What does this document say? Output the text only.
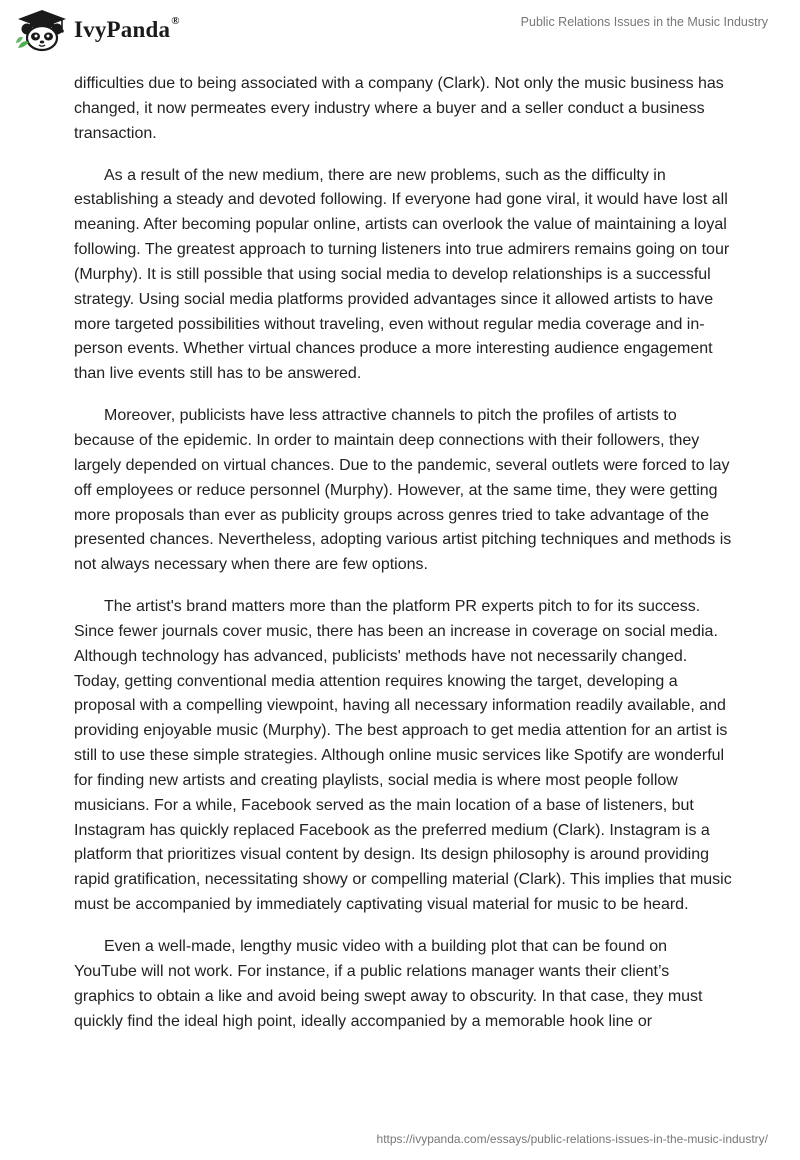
IvyPanda®	Public Relations Issues in the Music Industry

difficulties due to being associated with a company (Clark). Not only the music business has changed, it now permeates every industry where a buyer and a seller conduct a business transaction.

As a result of the new medium, there are new problems, such as the difficulty in establishing a steady and devoted following. If everyone had gone viral, it would have lost all meaning. After becoming popular online, artists can overlook the value of maintaining a loyal following. The greatest approach to turning listeners into true admirers remains going on tour (Murphy). It is still possible that using social media to develop relationships is a successful strategy. Using social media platforms provided advantages since it allowed artists to have more targeted possibilities without traveling, even without regular media coverage and in-person events. Whether virtual chances produce a more interesting audience engagement than live events still has to be answered.

Moreover, publicists have less attractive channels to pitch the profiles of artists to because of the epidemic. In order to maintain deep connections with their followers, they largely depended on virtual chances. Due to the pandemic, several outlets were forced to lay off employees or reduce personnel (Murphy). However, at the same time, they were getting more proposals than ever as publicity groups across genres tried to take advantage of the presented chances. Nevertheless, adopting various artist pitching techniques and methods is not always necessary when there are few options.

The artist's brand matters more than the platform PR experts pitch to for its success. Since fewer journals cover music, there has been an increase in coverage on social media. Although technology has advanced, publicists' methods have not necessarily changed. Today, getting conventional media attention requires knowing the target, developing a proposal with a compelling viewpoint, having all necessary information readily available, and providing enjoyable music (Murphy). The best approach to get media attention for an artist is still to use these simple strategies. Although online music services like Spotify are wonderful for finding new artists and creating playlists, social media is where most people follow musicians. For a while, Facebook served as the main location of a base of listeners, but Instagram has quickly replaced Facebook as the preferred medium (Clark). Instagram is a platform that prioritizes visual content by design. Its design philosophy is around providing rapid gratification, necessitating showy or compelling material (Clark). This implies that music must be accompanied by immediately captivating visual material for music to be heard.

Even a well-made, lengthy music video with a building plot that can be found on YouTube will not work. For instance, if a public relations manager wants their client’s graphics to obtain a like and avoid being swept away to obscurity. In that case, they must quickly find the ideal high point, ideally accompanied by a memorable hook line or

https://ivypanda.com/essays/public-relations-issues-in-the-music-industry/
